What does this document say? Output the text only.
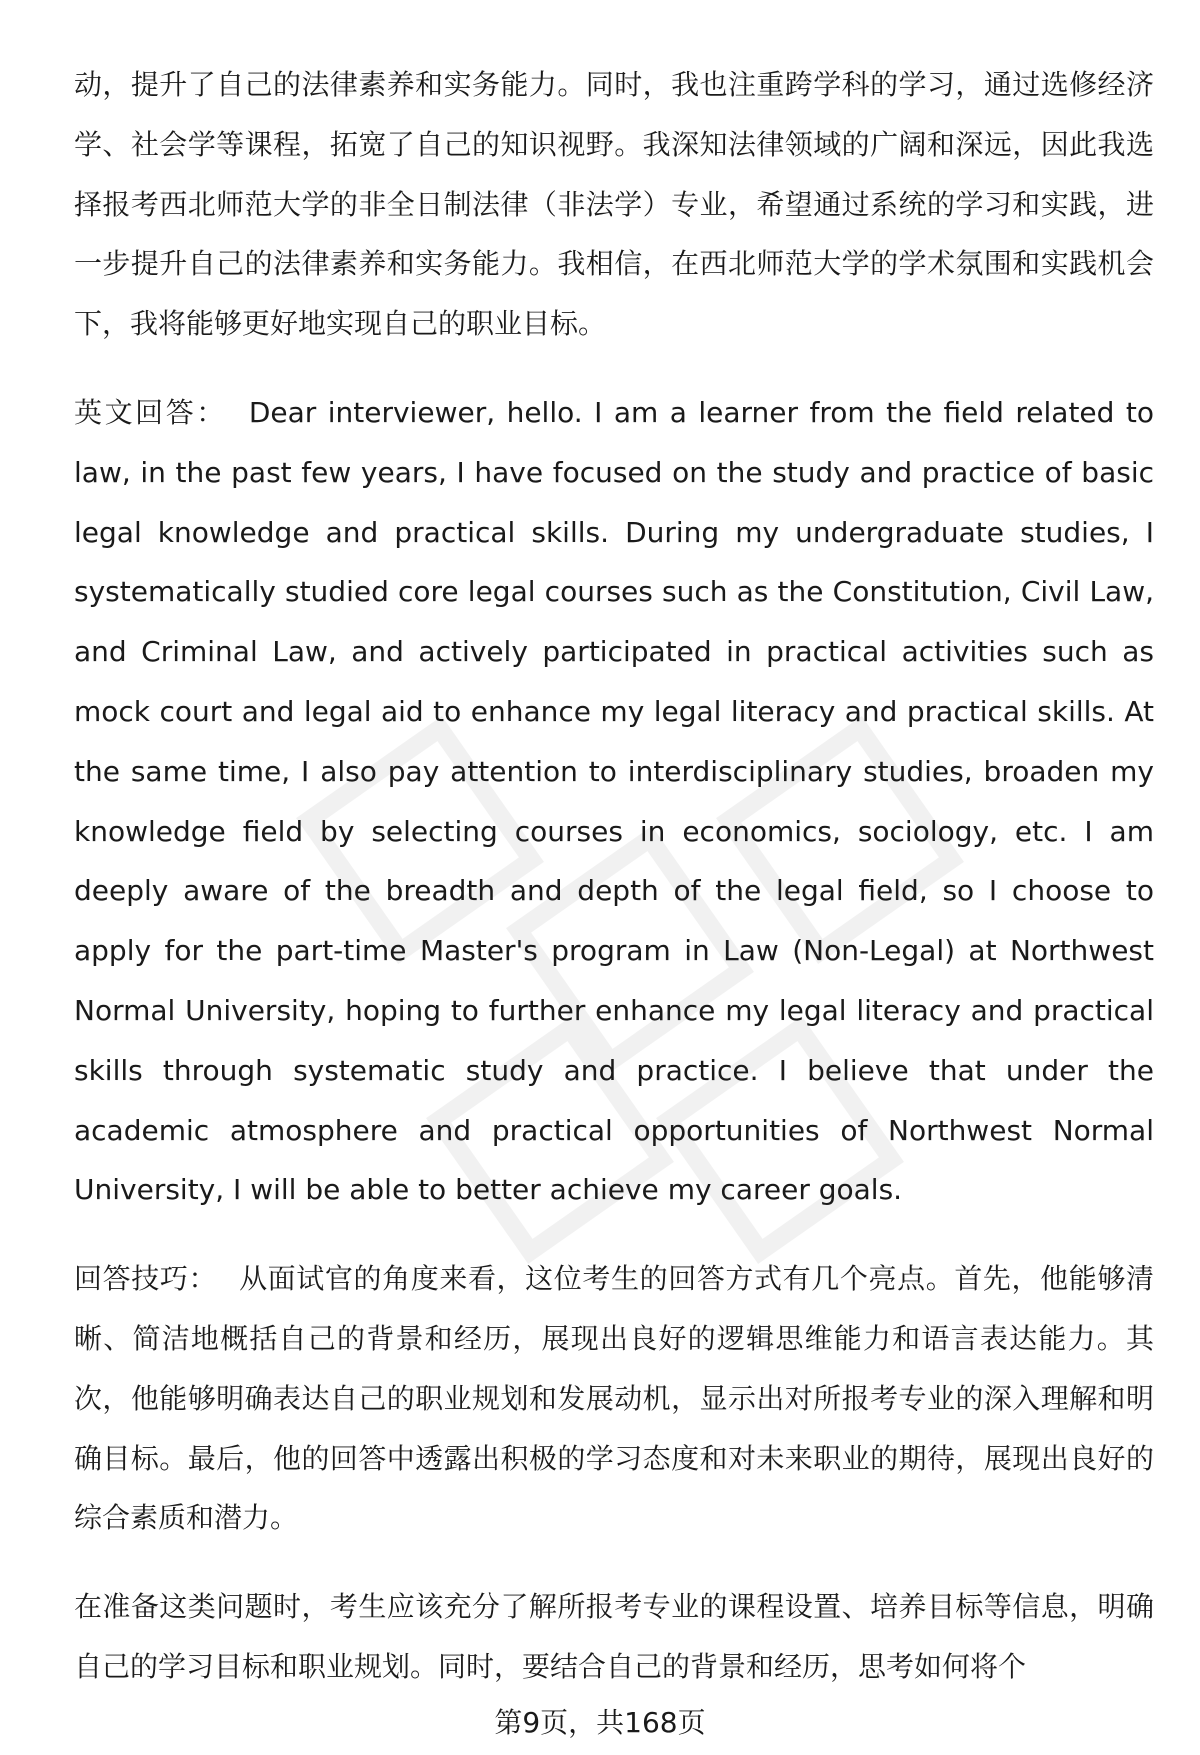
动，提升了自己的法律素养和实务能力。同时，我也注重跨学科的学习，通过选修经济学、社会学等课程，拓宽了自己的知识视野。我深知法律领域的广阔和深远，因此我选择报考西北师范大学的非全日制法律（非法学）专业，希望通过系统的学习和实践，进一步提升自己的法律素养和实务能力。我相信，在西北师范大学的学术氛围和实践机会下，我将能够更好地实现自己的职业目标。

英文回答： Dear interviewer, hello. I am a learner from the field related to law, in the past few years, I have focused on the study and practice of basic legal knowledge and practical skills. During my undergraduate studies, I systematically studied core legal courses such as the Constitution, Civil Law, and Criminal Law, and actively participated in practical activities such as mock court and legal aid to enhance my legal literacy and practical skills. At the same time, I also pay attention to interdisciplinary studies, broaden my knowledge field by selecting courses in economics, sociology, etc. I am deeply aware of the breadth and depth of the legal field, so I choose to apply for the part-time Master's program in Law (Non-Legal) at Northwest Normal University, hoping to further enhance my legal literacy and practical skills through systematic study and practice. I believe that under the academic atmosphere and practical opportunities of Northwest Normal University, I will be able to better achieve my career goals.

回答技巧： 从面试官的角度来看，这位考生的回答方式有几个亮点。首先，他能够清晰、简洁地概括自己的背景和经历，展现出良好的逻辑思维能力和语言表达能力。其次，他能够明确表达自己的职业规划和发展动机，显示出对所报考专业的深入理解和明确目标。最后，他的回答中透露出积极的学习态度和对未来职业的期待，展现出良好的综合素质和潜力。

在准备这类问题时，考生应该充分了解所报考专业的课程设置、培养目标等信息，明确自己的学习目标和职业规划。同时，要结合自己的背景和经历，思考如何将个

第9页，共168页
